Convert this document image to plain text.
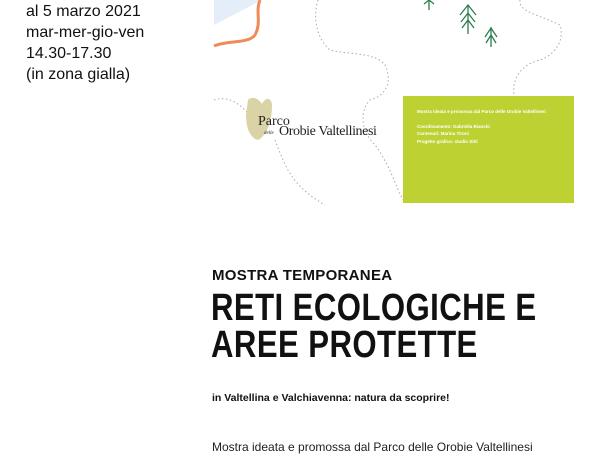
al 5 marzo 2021
mar-mer-gio-ven
14.30-17.30
(in zona gialla)
Parco
delle Orobie Valtellinesi
Mostra ideata e promossa dal Parco delle Orobie Valtellinesi
Coordinamento: Gabriella Bianchi
Contenuti: Marina Tironi
Progetto grafico: studio Sitti
MOSTRA TEMPORANEA
RETI ECOLOGICHE E
AREE PROTETTE
in Valtellina e Valchiavenna: natura da scoprire!
Mostra ideata e promossa dal Parco delle Orobie Valtellinesi
